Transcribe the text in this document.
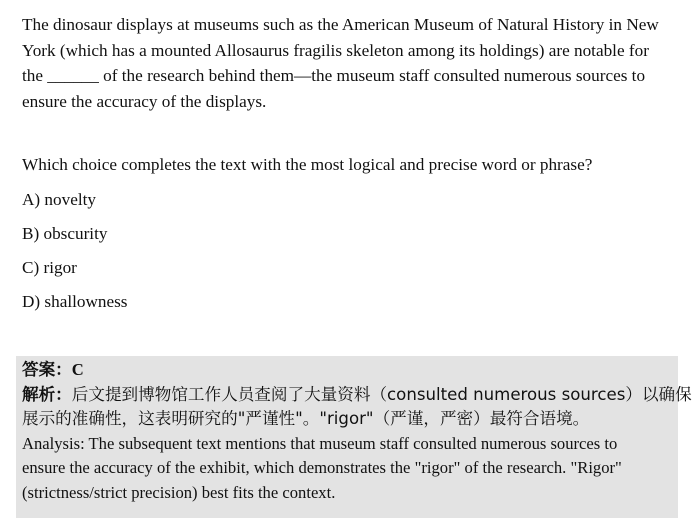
The dinosaur displays at museums such as the American Museum of Natural History in New
York (which has a mounted Allosaurus fragilis skeleton among its holdings) are notable for
the ______ of the research behind them—the museum staff consulted numerous sources to
ensure the accuracy of the displays.
Which choice completes the text with the most logical and precise word or phrase?
A) novelty
B) obscurity
C) rigor
D) shallowness
答案：C
解析：后文提到博物馆工作人员查阅了大量资料（consulted numerous sources）以确保
展示的准确性，这表明研究的"严谨性"。"rigor"（严谨，严密）最符合语境。
Analysis: The subsequent text mentions that museum staff consulted numerous sources to
ensure the accuracy of the exhibit, which demonstrates the "rigor" of the research. "Rigor"
(strictness/strict precision) best fits the context.
